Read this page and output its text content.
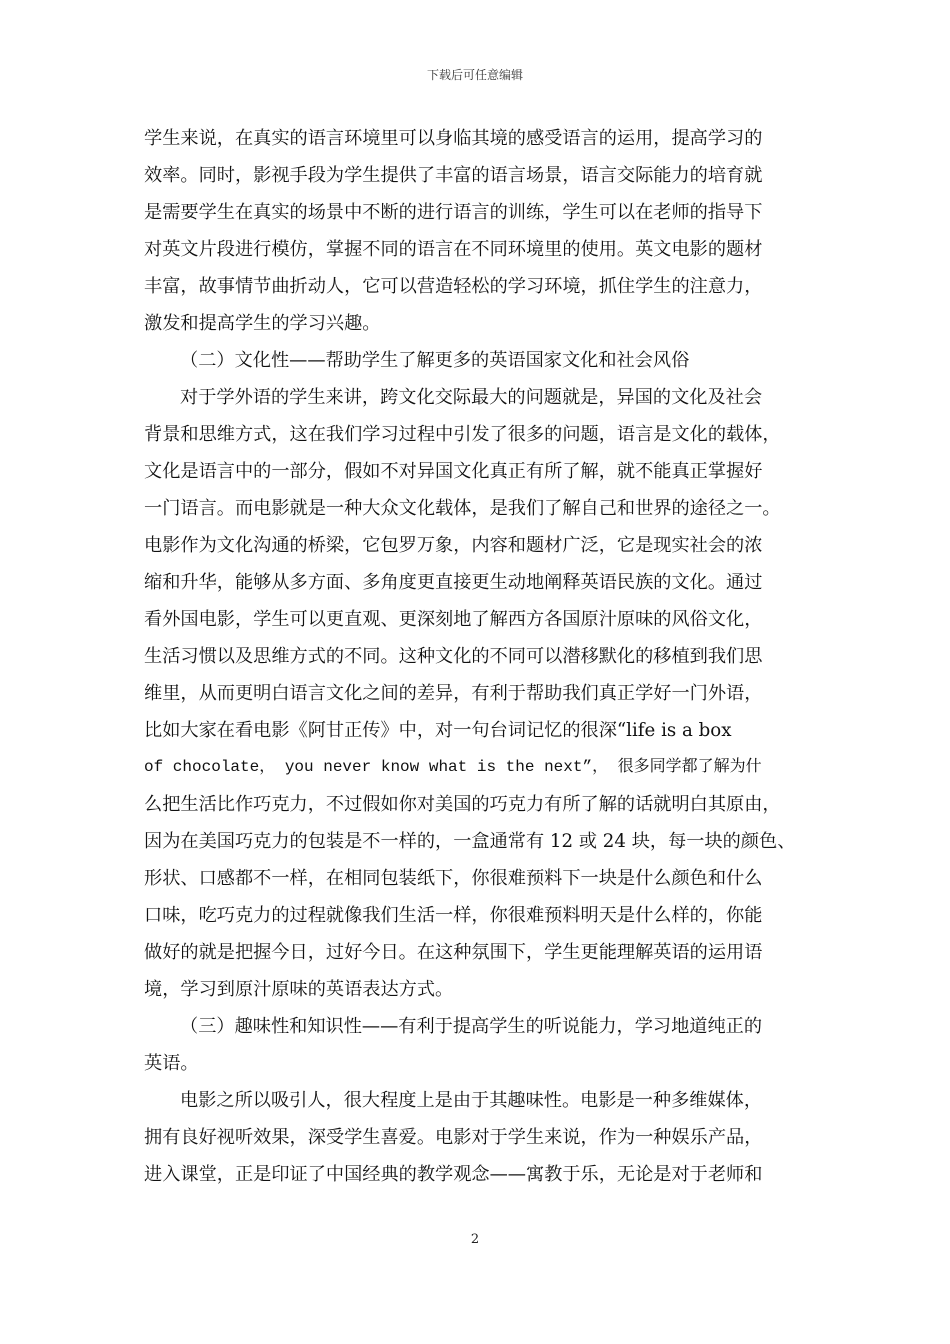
下载后可任意编辑
学生来说，在真实的语言环境里可以身临其境的感受语言的运用，提高学习的
效率。同时，影视手段为学生提供了丰富的语言场景，语言交际能力的培育就
是需要学生在真实的场景中不断的进行语言的训练，学生可以在老师的指导下
对英文片段进行模仿，掌握不同的语言在不同环境里的使用。英文电影的题材
丰富，故事情节曲折动人，它可以营造轻松的学习环境，抓住学生的注意力，
激发和提高学生的学习兴趣。
（二）文化性——帮助学生了解更多的英语国家文化和社会风俗
对于学外语的学生来讲，跨文化交际最大的问题就是，异国的文化及社会
背景和思维方式，这在我们学习过程中引发了很多的问题，语言是文化的载体，
文化是语言中的一部分，假如不对异国文化真正有所了解，就不能真正掌握好
一门语言。而电影就是一种大众文化载体，是我们了解自己和世界的途径之一。
电影作为文化沟通的桥梁，它包罗万象，内容和题材广泛，它是现实社会的浓
缩和升华，能够从多方面、多角度更直接更生动地阐释英语民族的文化。通过
看外国电影，学生可以更直观、更深刻地了解西方各国原汁原味的风俗文化，
生活习惯以及思维方式的不同。这种文化的不同可以潜移默化的移植到我们思
维里，从而更明白语言文化之间的差异，有利于帮助我们真正学好一门外语，
比如大家在看电影《阿甘正传》中，对一句台词记忆的很深“life is a box
of chocolate， you never know what is the next”， 很多同学都了解为什
么把生活比作巧克力，不过假如你对美国的巧克力有所了解的话就明白其原由，
因为在美国巧克力的包装是不一样的，一盒通常有 12 或 24 块，每一块的颜色、
形状、口感都不一样，在相同包装纸下，你很难预料下一块是什么颜色和什么
口味，吃巧克力的过程就像我们生活一样，你很难预料明天是什么样的，你能
做好的就是把握今日，过好今日。在这种氛围下，学生更能理解英语的运用语
境，学习到原汁原味的英语表达方式。
（三）趣味性和知识性——有利于提高学生的听说能力，学习地道纯正的
英语。
电影之所以吸引人，很大程度上是由于其趣味性。电影是一种多维媒体，
拥有良好视听效果，深受学生喜爱。电影对于学生来说，作为一种娱乐产品，
进入课堂，正是印证了中国经典的教学观念——寓教于乐，无论是对于老师和
2
